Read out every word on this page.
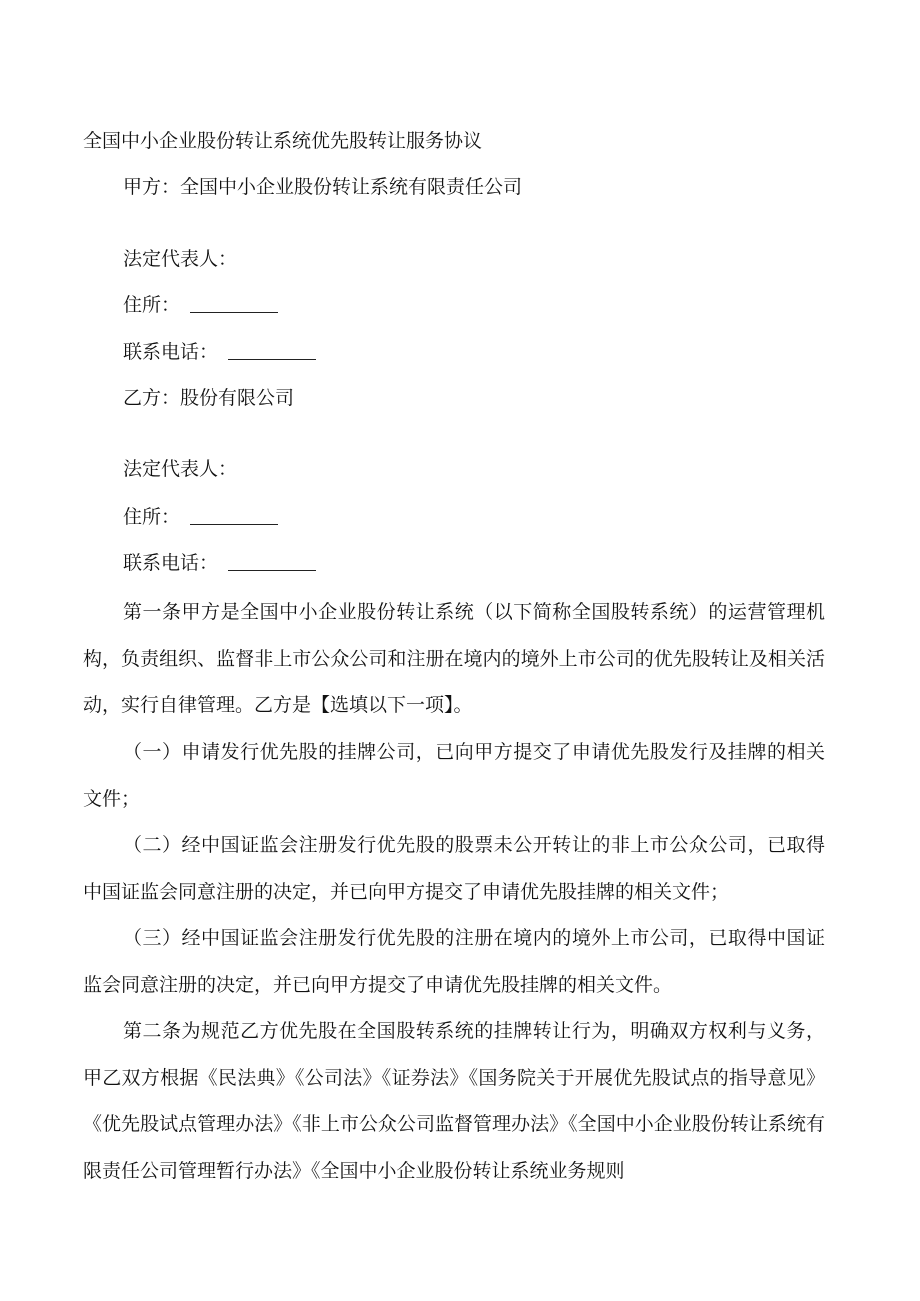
全国中小企业股份转让系统优先股转让服务协议
甲方：全国中小企业股份转让系统有限责任公司
法定代表人：
住所：
联系电话：
乙方：股份有限公司
法定代表人：
住所：
联系电话：
第一条甲方是全国中小企业股份转让系统（以下简称全国股转系统）的运营管理机构，负责组织、监督非上市公众公司和注册在境内的境外上市公司的优先股转让及相关活动，实行自律管理。乙方是【选填以下一项】。
（一）申请发行优先股的挂牌公司，已向甲方提交了申请优先股发行及挂牌的相关文件；
（二）经中国证监会注册发行优先股的股票未公开转让的非上市公众公司，已取得中国证监会同意注册的决定，并已向甲方提交了申请优先股挂牌的相关文件；
（三）经中国证监会注册发行优先股的注册在境内的境外上市公司，已取得中国证监会同意注册的决定，并已向甲方提交了申请优先股挂牌的相关文件。
第二条为规范乙方优先股在全国股转系统的挂牌转让行为，明确双方权利与义务，甲乙双方根据《民法典》《公司法》《证券法》《国务院关于开展优先股试点的指导意见》《优先股试点管理办法》《非上市公众公司监督管理办法》《全国中小企业股份转让系统有限责任公司管理暂行办法》《全国中小企业股份转让系统业务规则
